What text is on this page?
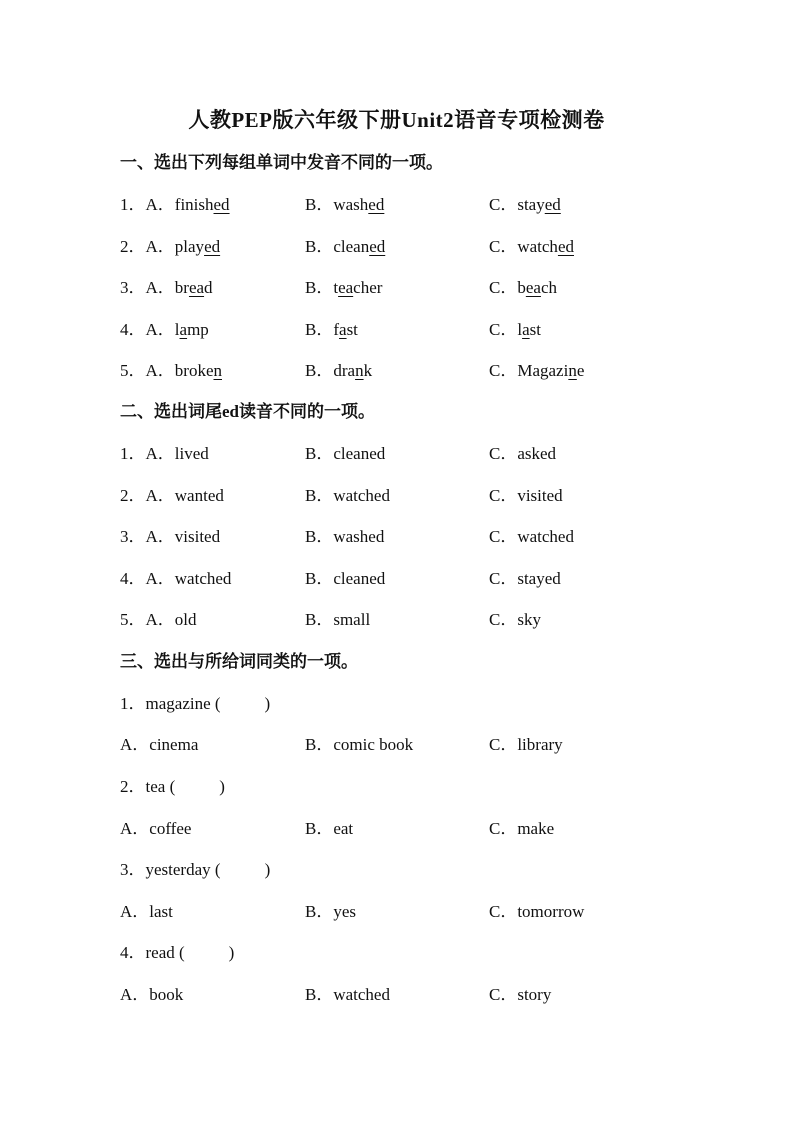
人教PEP版六年级下册Unit2语音专项检测卷
一、选出下列每组单词中发音不同的一项。
1．A．finished	B．washed	C．stayed
2．A．played	B．cleaned	C．watched
3．A．bread	B．teacher	C．beach
4．A．lamp	B．fast	C．last
5．A．broken	B．drank	C．Magazine
二、选出词尾ed读音不同的一项。
1．A．lived	B．cleaned	C．asked
2．A．wanted	B．watched	C．visited
3．A．visited	B．washed	C．watched
4．A．watched	B．cleaned	C．stayed
5．A．old	B．small	C．sky
三、选出与所给词同类的一项。
1．magazine (	)
A．cinema	B．comic book	C．library
2．tea (	)
A．coffee	B．eat	C．make
3．yesterday (	)
A．last	B．yes	C．tomorrow
4．read (	)
A．book	B．watched	C．story
